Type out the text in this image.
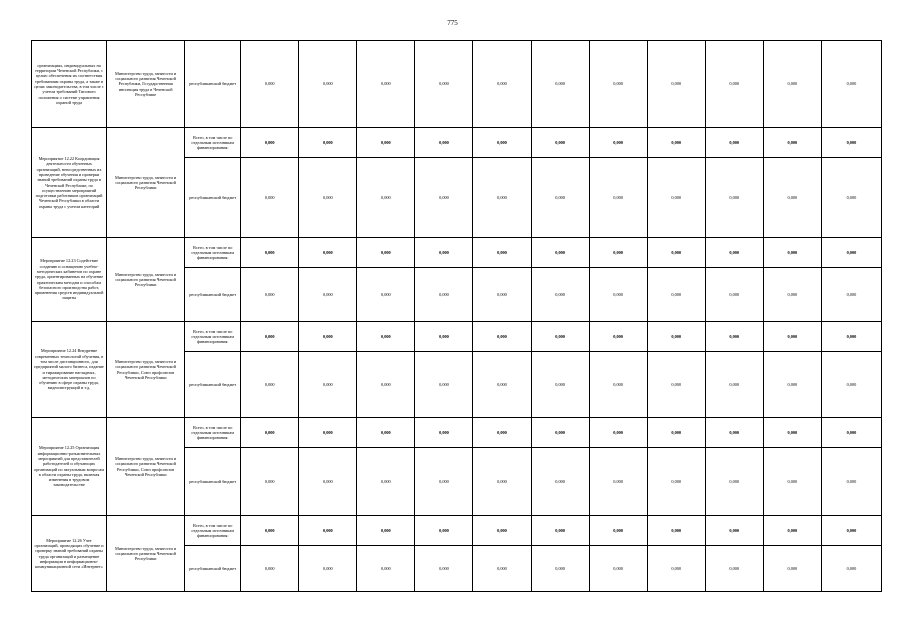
775
организациях, индивидуальных на территории Чеченской Республики, с целью обеспечения их соответствия требованиям охраны труда, а также в целях законодательства, в том числе с учетом требований Типового положения о системе управления охраной труда	Министерство труда, занятости и социального развития Чеченской Республики, Государственная инспекция труда в Чеченской Республике	республиканский бюджет	0,000	0,000	0,000	0,000	0,000	0,000	0,000	0,000	0,000	0,000	0,000
Мероприятие 12.22 Координация деятельности обученных организаций, непосредственных их проведение обучения и проверки знаний требований охраны труда в Чеченской Республике, по осуществлению мероприятий подготовки работников организаций Чеченской Республики в области охраны труда с учетом категорий	Министерство труда, занятости и социального развития Чеченской Республики	Всего, в том числе по отдельным источникам финансирования:	0,000	0,000	0,000	0,000	0,000	0,000	0,000	0,000	0,000	0,000	0,000
		республиканский бюджет	0,000	0,000	0,000	0,000	0,000	0,000	0,000	0,000	0,000	0,000	0,000
Мероприятие 12.23 Содействие созданию и оснащению учебно-методических кабинетов по охране труда, ориентированных на обучение практическим методам и способам безопасного производства работ, применения средств индивидуальной защиты	Министерство труда, занятости и социального развития Чеченской Республики	Всего, в том числе по отдельным источникам финансирования:	0,000	0,000	0,000	0,000	0,000	0,000	0,000	0,000	0,000	0,000	0,000
		республиканский бюджет	0,000	0,000	0,000	0,000	0,000	0,000	0,000	0,000	0,000	0,000	0,000
Мероприятие 12.24 Внедрение современных технологий обучения, в том числе дистанционного, для предприятий малого бизнеса, издание и тиражирование наглядных, методических материалов по обучению в сфере охраны труда, видеоинструкций и т.д.	Министерство труда, занятости и социального развития Чеченской Республики, Союз профсоюзов Чеченской Республики	Всего, в том числе по отдельным источникам финансирования:	0,000	0,000	0,000	0,000	0,000	0,000	0,000	0,000	0,000	0,000	0,000
		республиканский бюджет	0,000	0,000	0,000	0,000	0,000	0,000	0,000	0,000	0,000	0,000	0,000
Мероприятие 12.25 Организация информационно-разъяснительных мероприятий для представителей работодателей и обучающих организаций по актуальным вопросам в области охраны труда, включая изменения в трудовом законодательстве	Министерство труда, занятости и социального развития Чеченской Республики, Союз профсоюзов Чеченской Республики	Всего, в том числе по отдельным источникам финансирования:	0,000	0,000	0,000	0,000	0,000	0,000	0,000	0,000	0,000	0,000	0,000
		республиканский бюджет	0,000	0,000	0,000	0,000	0,000	0,000	0,000	0,000	0,000	0,000	0,000
Мероприятие 12.26 Учет организаций, проводящих обучение и проверку знаний требований охраны труда организаций и размещение информации в информационно-коммуникационной сети «Интернет»	Министерство труда, занятости и социального развития Чеченской Республики	Всего, в том числе по отдельным источникам финансирования:	0,000	0,000	0,000	0,000	0,000	0,000	0,000	0,000	0,000	0,000	0,000
		республиканский бюджет	0,000	0,000	0,000	0,000	0,000	0,000	0,000	0,000	0,000	0,000	0,000
